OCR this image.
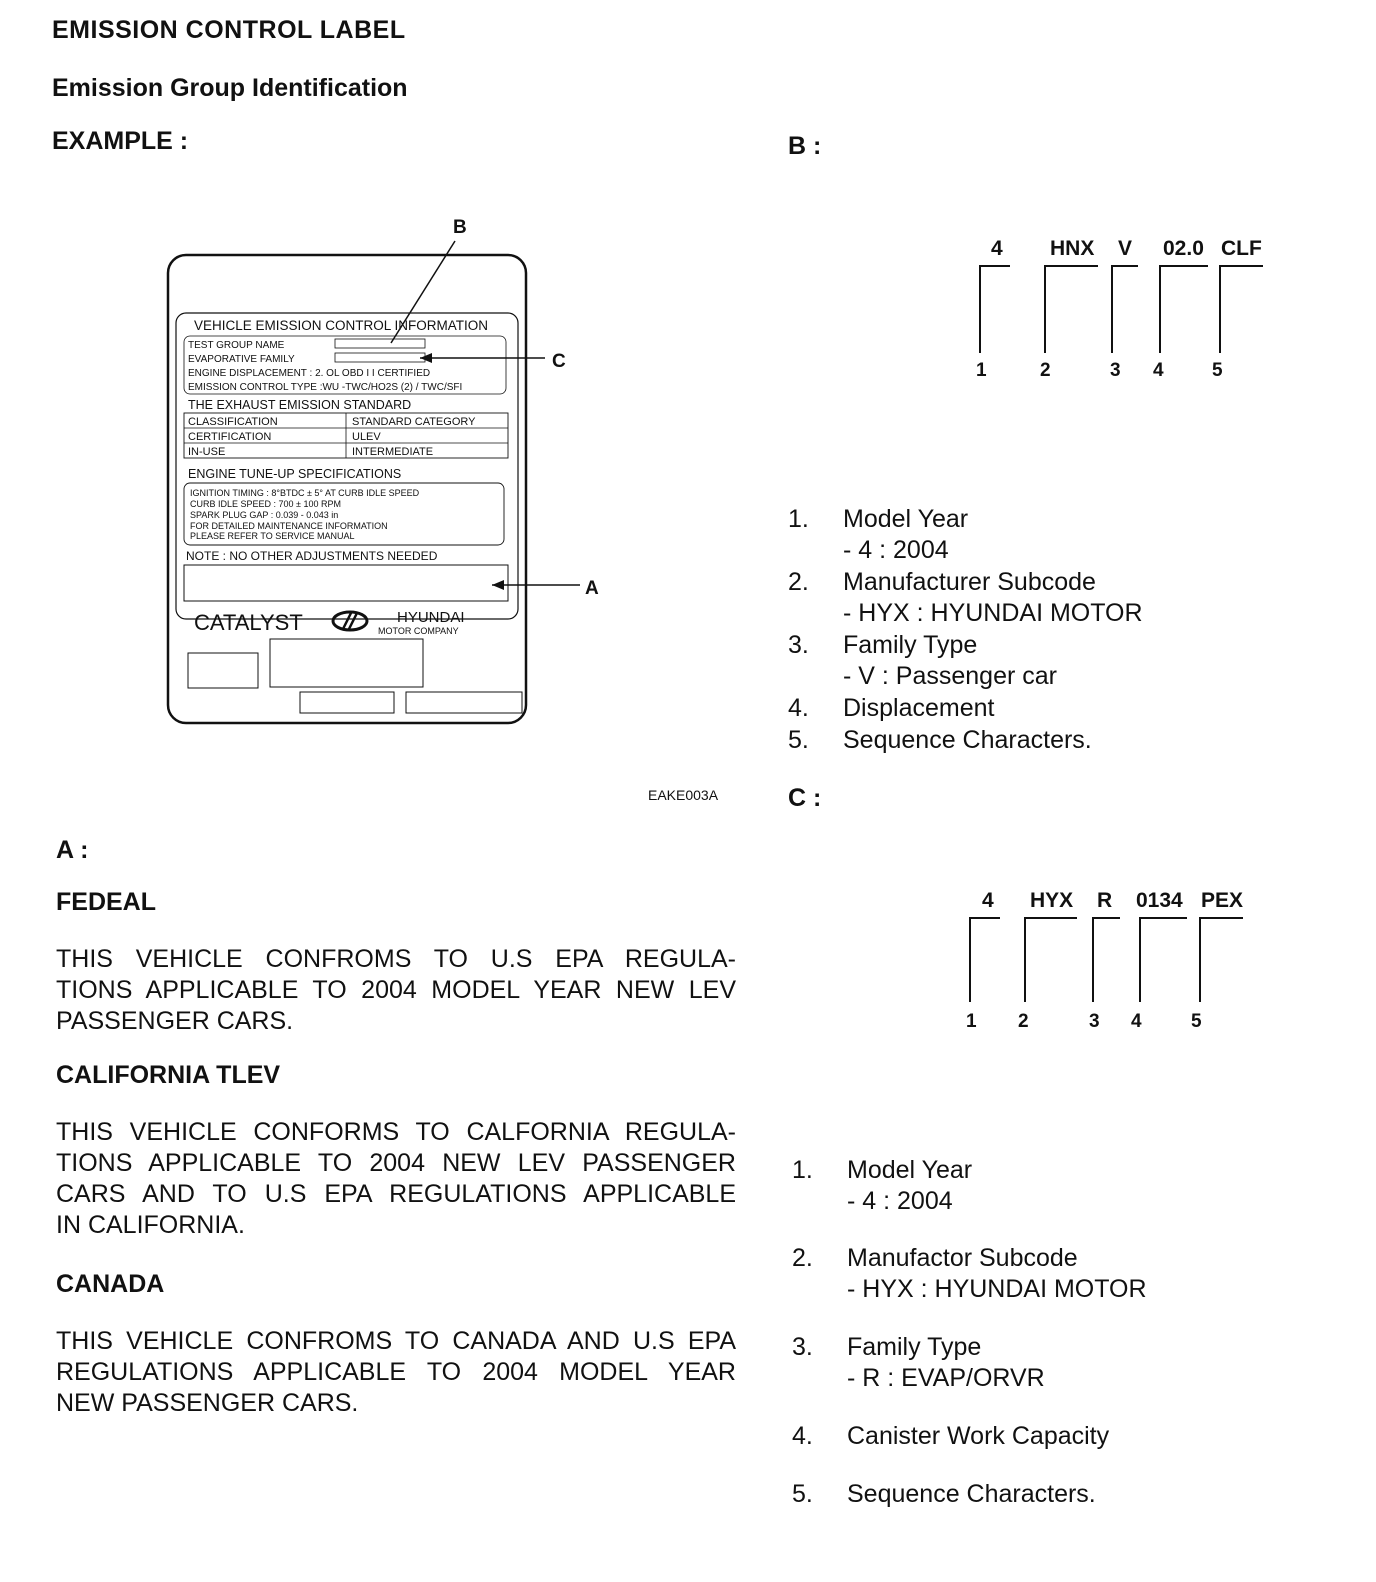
EMISSION CONTROL LABEL
Emission Group Identification
EXAMPLE :
B
VEHICLE EMISSION CONTROL INFORMATION
TEST GROUP NAME
EVAPORATIVE FAMILY
ENGINE DISPLACEMENT : 2. OL OBD I I CERTIFIED
EMISSION CONTROL TYPE :WU -TWC/HO2S (2) / TWC/SFI
C
THE EXHAUST EMISSION STANDARD
CLASSIFICATION	STANDARD CATEGORY
CERTIFICATION	ULEV
IN-USE	INTERMEDIATE
ENGINE TUNE-UP SPECIFICATIONS
IGNITION TIMING : 8°BTDC ± 5° AT CURB IDLE SPEED
CURB IDLE SPEED : 700 ± 100 RPM
SPARK PLUG GAP : 0.039 - 0.043 in
FOR DETAILED MAINTENANCE INFORMATION
PLEASE REFER TO SERVICE MANUAL
NOTE : NO OTHER ADJUSTMENTS NEEDED
A
CATALYST	HYUNDAI
MOTOR COMPANY
EAKE003A
A :
FEDEAL
THIS VEHICLE CONFROMS TO U.S EPA REGULA-
TIONS APPLICABLE TO 2004 MODEL YEAR NEW LEV
PASSENGER CARS.
CALIFORNIA TLEV
THIS VEHICLE CONFORMS TO CALFORNIA REGULA-
TIONS APPLICABLE TO 2004 NEW LEV PASSENGER
CARS AND TO U.S EPA REGULATIONS APPLICABLE
IN CALIFORNIA.
CANADA
THIS VEHICLE CONFROMS TO CANADA AND U.S EPA
REGULATIONS APPLICABLE TO 2004 MODEL YEAR
NEW PASSENGER CARS.
B :
4 HNX V 02.0 CLF
1	2	3 4	5
1. Model Year
- 4 : 2004
2. Manufacturer Subcode
- HYX : HYUNDAI MOTOR
3. Family Type
- V : Passenger car
4. Displacement
5. Sequence Characters.
C :
4 HYX R 0134 PEX
1 2	3 4	5
1. Model Year
- 4 : 2004
2. Manufactor Subcode
- HYX : HYUNDAI MOTOR
3. Family Type
- R : EVAP/ORVR
4. Canister Work Capacity
5. Sequence Characters.
